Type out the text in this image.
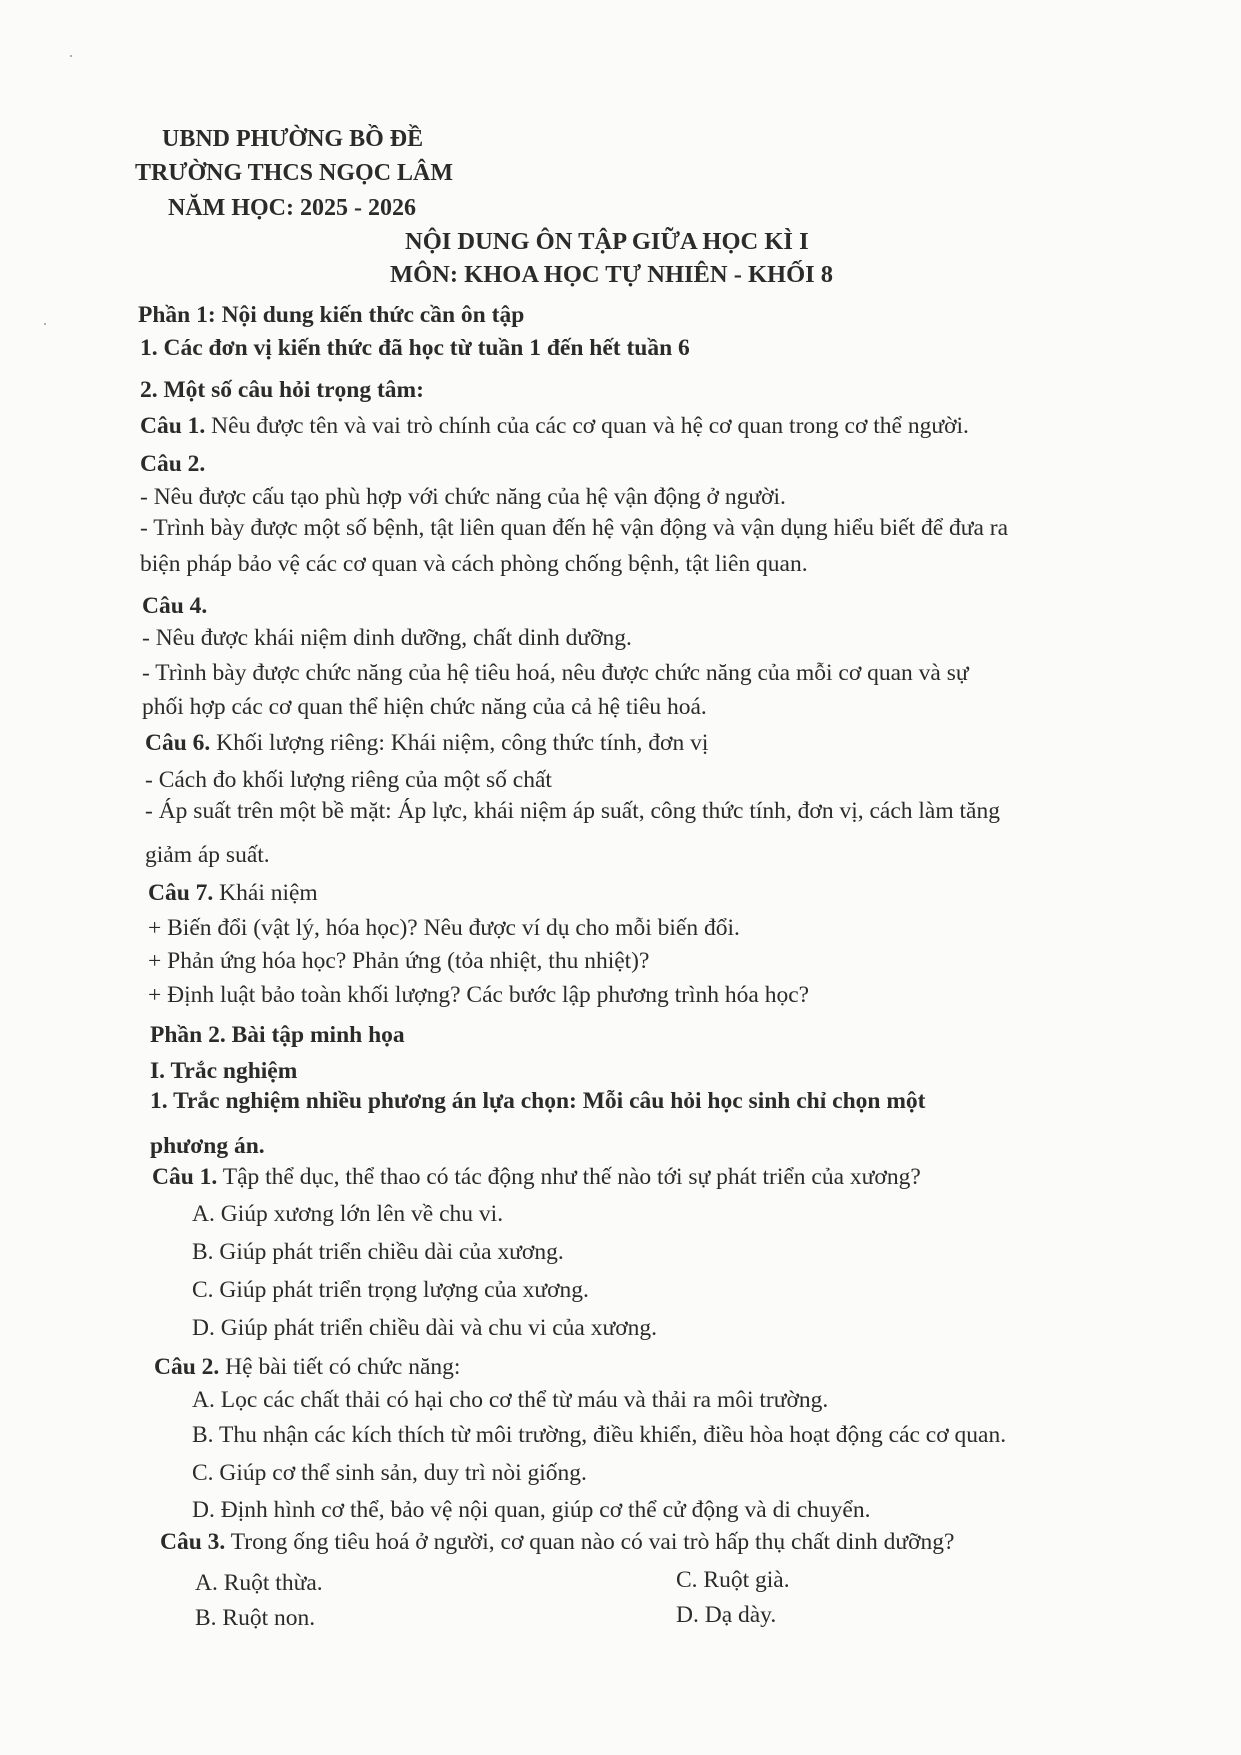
UBND PHƯỜNG BỒ ĐỀ
TRƯỜNG THCS NGỌC LÂM
NĂM HỌC: 2025 - 2026
NỘI DUNG ÔN TẬP GIỮA HỌC KÌ I
MÔN: KHOA HỌC TỰ NHIÊN - KHỐI 8
Phần 1: Nội dung kiến thức cần ôn tập
1. Các đơn vị kiến thức đã học từ tuần 1 đến hết tuần 6
2. Một số câu hỏi trọng tâm:
Câu 1. Nêu được tên và vai trò chính của các cơ quan và hệ cơ quan trong cơ thể người.
Câu 2.
- Nêu được cấu tạo phù hợp với chức năng của hệ vận động ở người.
- Trình bày được một số bệnh, tật liên quan đến hệ vận động và vận dụng hiểu biết để đưa ra
biện pháp bảo vệ các cơ quan và cách phòng chống bệnh, tật liên quan.
Câu 4.
- Nêu được khái niệm dinh dưỡng, chất dinh dưỡng.
- Trình bày được chức năng của hệ tiêu hoá, nêu được chức năng của mỗi cơ quan và sự
phối hợp các cơ quan thể hiện chức năng của cả hệ tiêu hoá.
Câu 6. Khối lượng riêng: Khái niệm, công thức tính, đơn vị
- Cách đo khối lượng riêng của một số chất
- Áp suất trên một bề mặt: Áp lực, khái niệm áp suất, công thức tính, đơn vị, cách làm tăng
giảm áp suất.
Câu 7. Khái niệm
+ Biến đổi (vật lý, hóa học)? Nêu được ví dụ cho mỗi biến đổi.
+ Phản ứng hóa học? Phản ứng (tỏa nhiệt, thu nhiệt)?
+ Định luật bảo toàn khối lượng? Các bước lập phương trình hóa học?
Phần 2. Bài tập minh họa
I. Trắc nghiệm
1. Trắc nghiệm nhiều phương án lựa chọn: Mỗi câu hỏi học sinh chỉ chọn một
phương án.
Câu 1. Tập thể dục, thể thao có tác động như thế nào tới sự phát triển của xương?
A. Giúp xương lớn lên về chu vi.
B. Giúp phát triển chiều dài của xương.
C. Giúp phát triển trọng lượng của xương.
D. Giúp phát triển chiều dài và chu vi của xương.
Câu 2. Hệ bài tiết có chức năng:
A. Lọc các chất thải có hại cho cơ thể từ máu và thải ra môi trường.
B. Thu nhận các kích thích từ môi trường, điều khiển, điều hòa hoạt động các cơ quan.
C. Giúp cơ thể sinh sản, duy trì nòi giống.
D. Định hình cơ thể, bảo vệ nội quan, giúp cơ thể cử động và di chuyển.
Câu 3. Trong ống tiêu hoá ở người, cơ quan nào có vai trò hấp thụ chất dinh dưỡng?
A. Ruột thừa.	C. Ruột già.
B. Ruột non.	D. Dạ dày.
